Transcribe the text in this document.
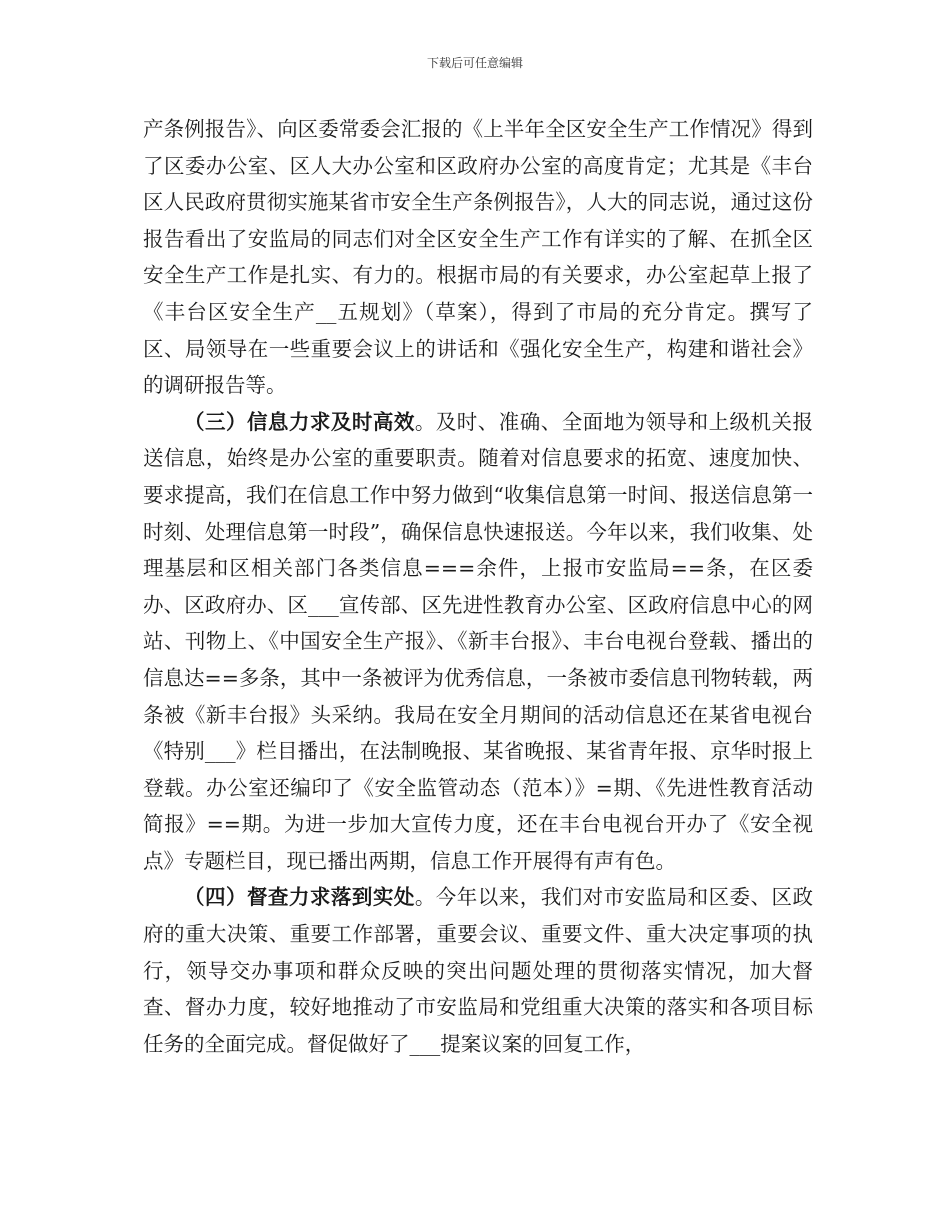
下载后可任意编辑

产条例报告》、向区委常委会汇报的《上半年全区安全生产工作情况》得到了区委办公室、区人大办公室和区政府办公室的高度肯定；尤其是《丰台区人民政府贯彻实施某省市安全生产条例报告》，人大的同志说，通过这份报告看出了安监局的同志们对全区安全生产工作有详实的了解、在抓全区安全生产工作是扎实、有力的。根据市局的有关要求，办公室起草上报了《丰台区安全生产__五规划》（草案），得到了市局的充分肯定。撰写了区、局领导在一些重要会议上的讲话和《强化安全生产，构建和谐社会》的调研报告等。

（三）信息力求及时高效。及时、准确、全面地为领导和上级机关报送信息，始终是办公室的重要职责。随着对信息要求的拓宽、速度加快、要求提高，我们在信息工作中努力做到“收集信息第一时间、报送信息第一时刻、处理信息第一时段”，确保信息快速报送。今年以来，我们收集、处理基层和区相关部门各类信息===余件，上报市安监局==条，在区委办、区政府办、区___宣传部、区先进性教育办公室、区政府信息中心的网站、刊物上、《中国安全生产报》、《新丰台报》、丰台电视台登载、播出的信息达==多条，其中一条被评为优秀信息，一条被市委信息刊物转载，两条被《新丰台报》头采纳。我局在安全月期间的活动信息还在某省电视台《特别___》栏目播出，在法制晚报、某省晚报、某省青年报、京华时报上登载。办公室还编印了《安全监管动态（范本）》=期、《先进性教育活动简报》==期。为进一步加大宣传力度，还在丰台电视台开办了《安全视点》专题栏目，现已播出两期，信息工作开展得有声有色。

（四）督查力求落到实处。今年以来，我们对市安监局和区委、区政府的重大决策、重要工作部署，重要会议、重要文件、重大决定事项的执行，领导交办事项和群众反映的突出问题处理的贯彻落实情况，加大督查、督办力度，较好地推动了市安监局和党组重大决策的落实和各项目标任务的全面完成。督促做好了___提案议案的回复工作，
